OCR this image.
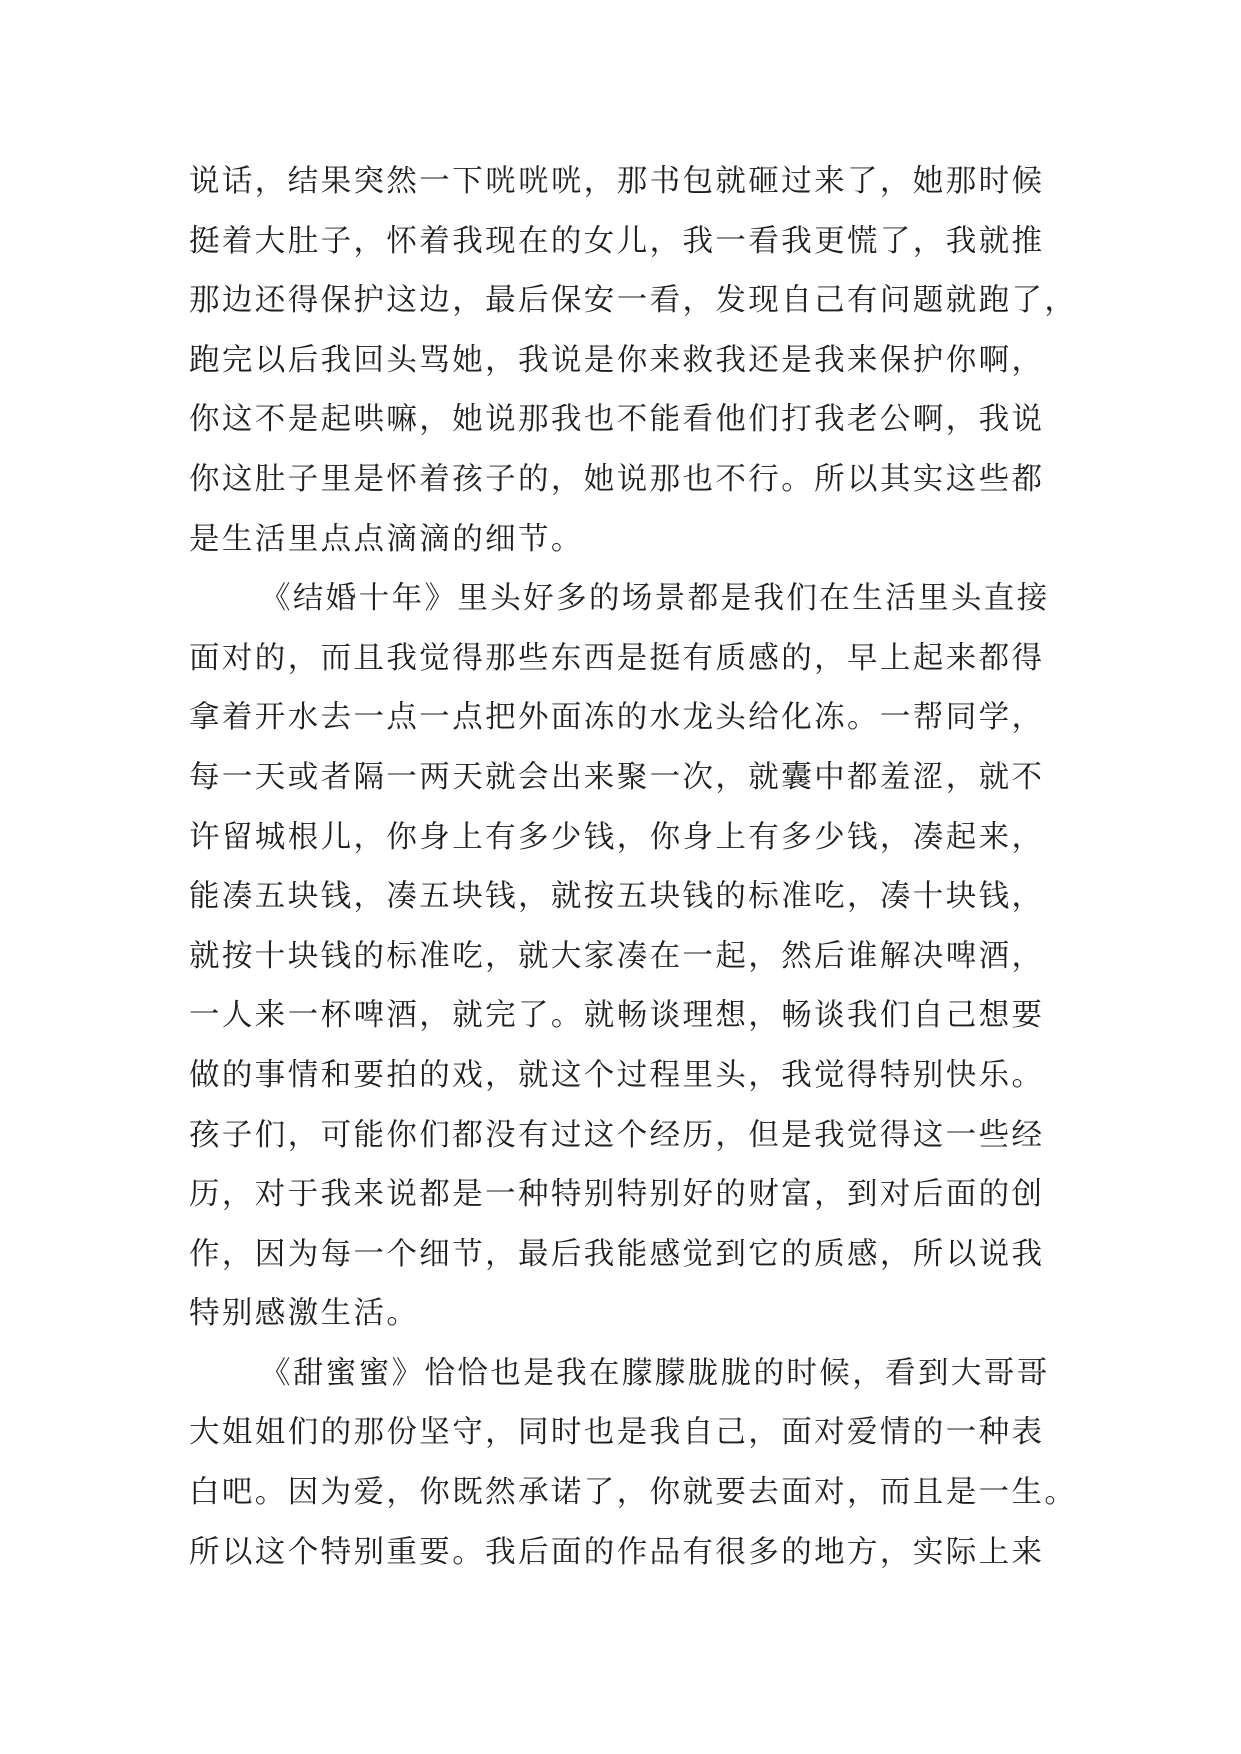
说话，结果突然一下咣咣咣，那书包就砸过来了，她那时候
挺着大肚子，怀着我现在的女儿，我一看我更慌了，我就推
那边还得保护这边，最后保安一看，发现自己有问题就跑了，
跑完以后我回头骂她，我说是你来救我还是我来保护你啊，
你这不是起哄嘛，她说那我也不能看他们打我老公啊，我说
你这肚子里是怀着孩子的，她说那也不行。所以其实这些都
是生活里点点滴滴的细节。
《结婚十年》里头好多的场景都是我们在生活里头直接
面对的，而且我觉得那些东西是挺有质感的，早上起来都得
拿着开水去一点一点把外面冻的水龙头给化冻。一帮同学，
每一天或者隔一两天就会出来聚一次，就囊中都羞涩，就不
许留城根儿，你身上有多少钱，你身上有多少钱，凑起来，
能凑五块钱，凑五块钱，就按五块钱的标准吃，凑十块钱，
就按十块钱的标准吃，就大家凑在一起，然后谁解决啤酒，
一人来一杯啤酒，就完了。就畅谈理想，畅谈我们自己想要
做的事情和要拍的戏，就这个过程里头，我觉得特别快乐。
孩子们，可能你们都没有过这个经历，但是我觉得这一些经
历，对于我来说都是一种特别特别好的财富，到对后面的创
作，因为每一个细节，最后我能感觉到它的质感，所以说我
特别感激生活。
《甜蜜蜜》恰恰也是我在朦朦胧胧的时候，看到大哥哥
大姐姐们的那份坚守，同时也是我自己，面对爱情的一种表
白吧。因为爱，你既然承诺了，你就要去面对，而且是一生。
所以这个特别重要。我后面的作品有很多的地方，实际上来
